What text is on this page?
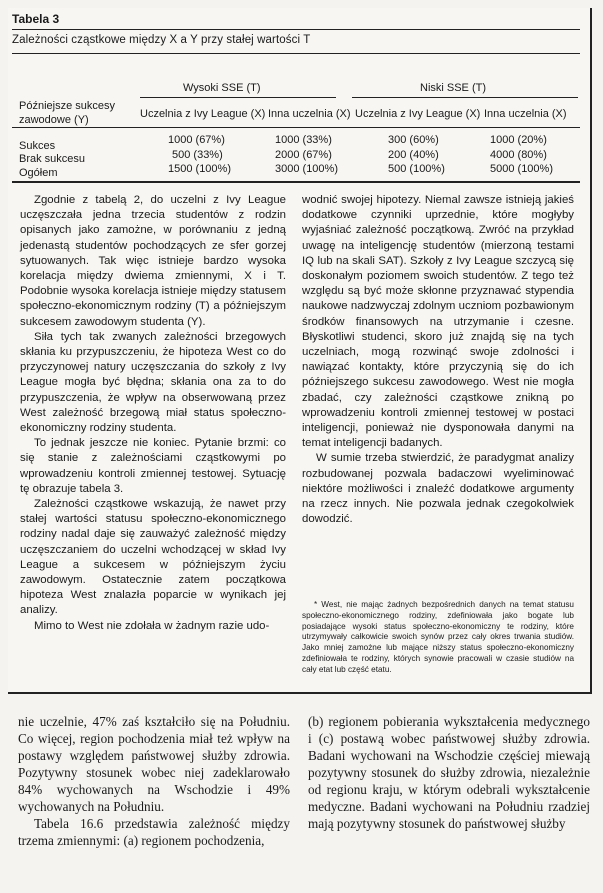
Tabela 3
Zależności cząstkowe między X a Y przy stałej wartości T
Wysoki SSE (T)	Niski SSE (T)
Późniejsze sukcesy
zawodowe (Y)	Uczelnia z Ivy League (X) Inna uczelnia (X) Uczelnia z Ivy League (X) Inna uczelnia (X)
Sukces	1000 (67%)	1000 (33%)	300 (60%)	1000 (20%)
Brak sukcesu	500 (33%)	2000 (67%)	200 (40%)	4000 (80%)
Ogółem	1500 (100%)	3000 (100%)	500 (100%)	5000 (100%)

Zgodnie z tabelą 2, do uczelni z Ivy League uczęszczała jedna trzecia studentów z rodzin opisanych jako zamożne, w porównaniu z jedną jedenastą studentów pochodzących ze sfer gorzej sytuowanych. Tak więc istnieje bardzo wysoka korelacja między dwiema zmiennymi, X i T. Podobnie wysoka korelacja istnieje między statusem społeczno-ekonomicznym rodziny (T) a późniejszym sukcesem zawodowym studenta (Y).

Siła tych tak zwanych zależności brzegowych skłania ku przypuszczeniu, że hipoteza West co do przyczynowej natury uczęszczania do szkoły z Ivy League mogła być błędna; skłania ona za to do przypuszczenia, że wpływ na obserwowaną przez West zależność brzegową miał status społeczno-ekonomiczny rodziny studenta.

To jednak jeszcze nie koniec. Pytanie brzmi: co się stanie z zależnościami cząstkowymi po wprowadzeniu kontroli zmiennej testowej. Sytuację tę obrazuje tabela 3.

Zależności cząstkowe wskazują, że nawet przy stałej wartości statusu społeczno-ekonomicznego rodziny nadal daje się zauważyć zależność między uczęszczaniem do uczelni wchodzącej w skład Ivy League a sukcesem w późniejszym życiu zawodowym. Ostatecznie zatem początkowa hipoteza West znalazła poparcie w wynikach jej analizy.

Mimo to West nie zdołała w żadnym razie udo-

wodnić swojej hipotezy. Niemal zawsze istnieją jakieś dodatkowe czynniki uprzednie, które mogłyby wyjaśniać zależność początkową. Zwróć na przykład uwagę na inteligencję studentów (mierzoną testami IQ lub na skali SAT). Szkoły z Ivy League szczycą się doskonałym poziomem swoich studentów. Z tego też względu są być może skłonne przyznawać stypendia naukowe nadzwyczaj zdolnym uczniom pozbawionym środków finansowych na utrzymanie i czesne. Błyskotliwi studenci, skoro już znajdą się na tych uczelniach, mogą rozwinąć swoje zdolności i nawiązać kontakty, które przyczynią się do ich późniejszego sukcesu zawodowego. West nie mogła zbadać, czy zależności cząstkowe znikną po wprowadzeniu kontroli zmiennej testowej w postaci inteligencji, ponieważ nie dysponowała danymi na temat inteligencji badanych.

W sumie trzeba stwierdzić, że paradygmat analizy rozbudowanej pozwala badaczowi wyeliminować niektóre możliwości i znaleźć dodatkowe argumenty na rzecz innych. Nie pozwala jednak czegokolwiek dowodzić.

* West, nie mając żadnych bezpośrednich danych na temat statusu społeczno-ekonomicznego rodziny, zdefiniowała jako bogate lub posiadające wysoki status społeczno-ekonomiczny te rodziny, które utrzymywały całkowicie swoich synów przez cały okres trwania studiów. Jako mniej zamożne lub mające niższy status społeczno-ekonomiczny zdefiniowała te rodziny, których synowie pracowali w czasie studiów na cały etat lub część etatu.

nie uczelnie, 47% zaś kształciło się na Południu. Co więcej, region pochodzenia miał też wpływ na postawy względem państwowej służby zdrowia. Pozytywny stosunek wobec niej zadeklarowało 84% wychowanych na Wschodzie i 49% wychowanych na Południu.

Tabela 16.6 przedstawia zależność między trzema zmiennymi: (a) regionem pochodzenia,

(b) regionem pobierania wykształcenia medycznego i (c) postawą wobec państwowej służby zdrowia. Badani wychowani na Wschodzie częściej miewają pozytywny stosunek do służby zdrowia, niezależnie od regionu kraju, w którym odebrali wykształcenie medyczne. Badani wychowani na Południu rzadziej mają pozytywny stosunek do państwowej służby
